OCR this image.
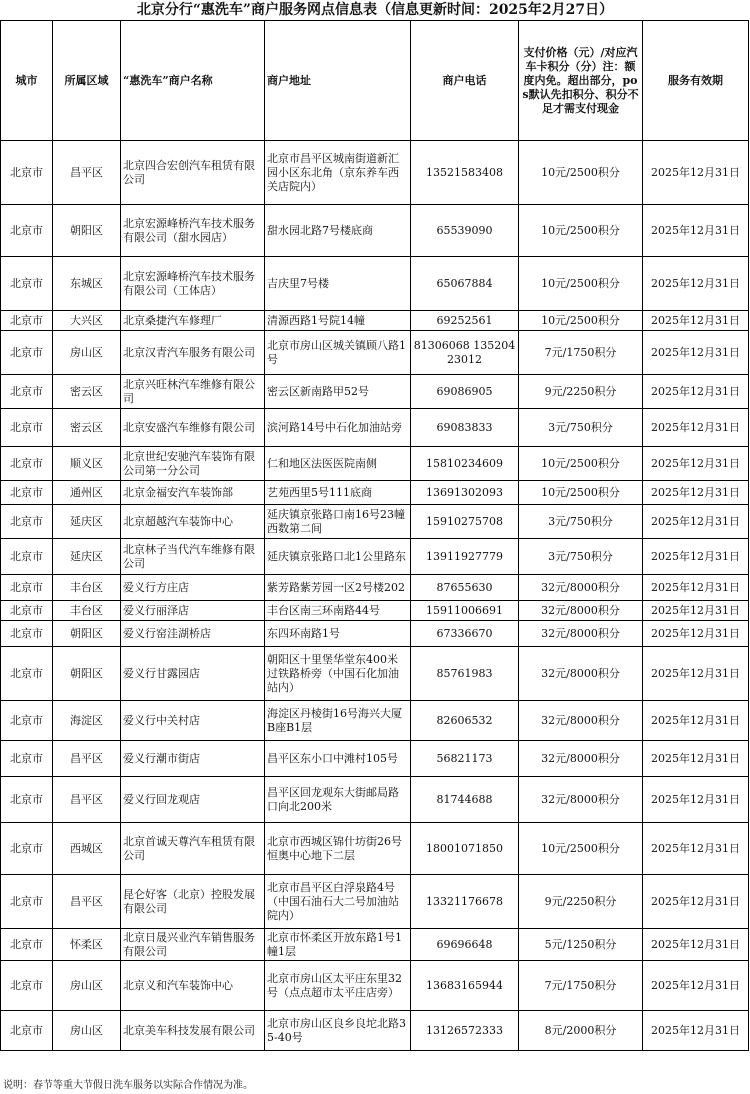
北京分行“惠洗车”商户服务网点信息表（信息更新时间：2025年2月27日）
城市	所属区域	“惠洗车”商户名称	商户地址	商户电话	支付价格（元）/对应汽车卡积分（分）注：额度内免。超出部分，pos默认先扣积分、积分不足才需支付现金	服务有效期
北京市	昌平区	北京四合宏创汽车租赁有限公司	北京市昌平区城南街道新汇园小区东北角（京东养车西关店院内）	13521583408	10元/2500积分	2025年12月31日
北京市	朝阳区	北京宏源峰桥汽车技术服务有限公司（甜水园店）	甜水园北路7号楼底商	65539090	10元/2500积分	2025年12月31日
北京市	东城区	北京宏源峰桥汽车技术服务有限公司（工体店）	吉庆里7号楼	65067884	10元/2500积分	2025年12月31日
北京市	大兴区	北京桑捷汽车修理厂	清源西路1号院14幢	69252561	10元/2500积分	2025年12月31日
北京市	房山区	北京汉青汽车服务有限公司	北京市房山区城关镇顾八路1号	81306068 13520423012	7元/1750积分	2025年12月31日
北京市	密云区	北京兴旺林汽车维修有限公司	密云区新南路甲52号	69086905	9元/2250积分	2025年12月31日
北京市	密云区	北京安盛汽车维修有限公司	滨河路14号中石化加油站旁	69083833	3元/750积分	2025年12月31日
北京市	顺义区	北京世纪安驰汽车装饰有限公司第一分公司	仁和地区法医医院南侧	15810234609	10元/2500积分	2025年12月31日
北京市	通州区	北京金福安汽车装饰部	艺苑西里5号111底商	13691302093	10元/2500积分	2025年12月31日
北京市	延庆区	北京超越汽车装饰中心	延庆镇京张路口南16号23幢西数第二间	15910275708	3元/750积分	2025年12月31日
北京市	延庆区	北京林子当代汽车维修有限公司	延庆镇京张路口北1公里路东	13911927779	3元/750积分	2025年12月31日
北京市	丰台区	爱义行方庄店	紫芳路紫芳园一区2号楼202	87655630	32元/8000积分	2025年12月31日
北京市	丰台区	爱义行丽泽店	丰台区南三环南路44号	15911006691	32元/8000积分	2025年12月31日
北京市	朝阳区	爱义行窑洼湖桥店	东四环南路1号	67336670	32元/8000积分	2025年12月31日
北京市	朝阳区	爱义行甘露园店	朝阳区十里堡华堂东400米过铁路桥旁（中国石化加油站内）	85761983	32元/8000积分	2025年12月31日
北京市	海淀区	爱义行中关村店	海淀区丹棱街16号海兴大厦B座B1层	82606532	32元/8000积分	2025年12月31日
北京市	昌平区	爱义行潮市街店	昌平区东小口中滩村105号	56821173	32元/8000积分	2025年12月31日
北京市	昌平区	爱义行回龙观店	昌平区回龙观东大街邮局路口向北200米	81744688	32元/8000积分	2025年12月31日
北京市	西城区	北京首诚天尊汽车租赁有限公司	北京市西城区锦什坊街26号恒奥中心地下二层	18001071850	10元/2500积分	2025年12月31日
北京市	昌平区	昆仑好客（北京）控股发展有限公司	北京市昌平区白浮泉路4号（中国石油石大二号加油站院内）	13321176678	9元/2250积分	2025年12月31日
北京市	怀柔区	北京日晟兴业汽车销售服务有限公司	北京市怀柔区开放东路1号1幢1层	69696648	5元/1250积分	2025年12月31日
北京市	房山区	北京义和汽车装饰中心	北京市房山区太平庄东里32号（点点超市太平庄店旁）	13683165944	7元/1750积分	2025年12月31日
北京市	房山区	北京美车科技发展有限公司	北京市房山区良乡良坨北路35-40号	13126572333	8元/2000积分	2025年12月31日
说明：春节等重大节假日洗车服务以实际合作情况为准。
